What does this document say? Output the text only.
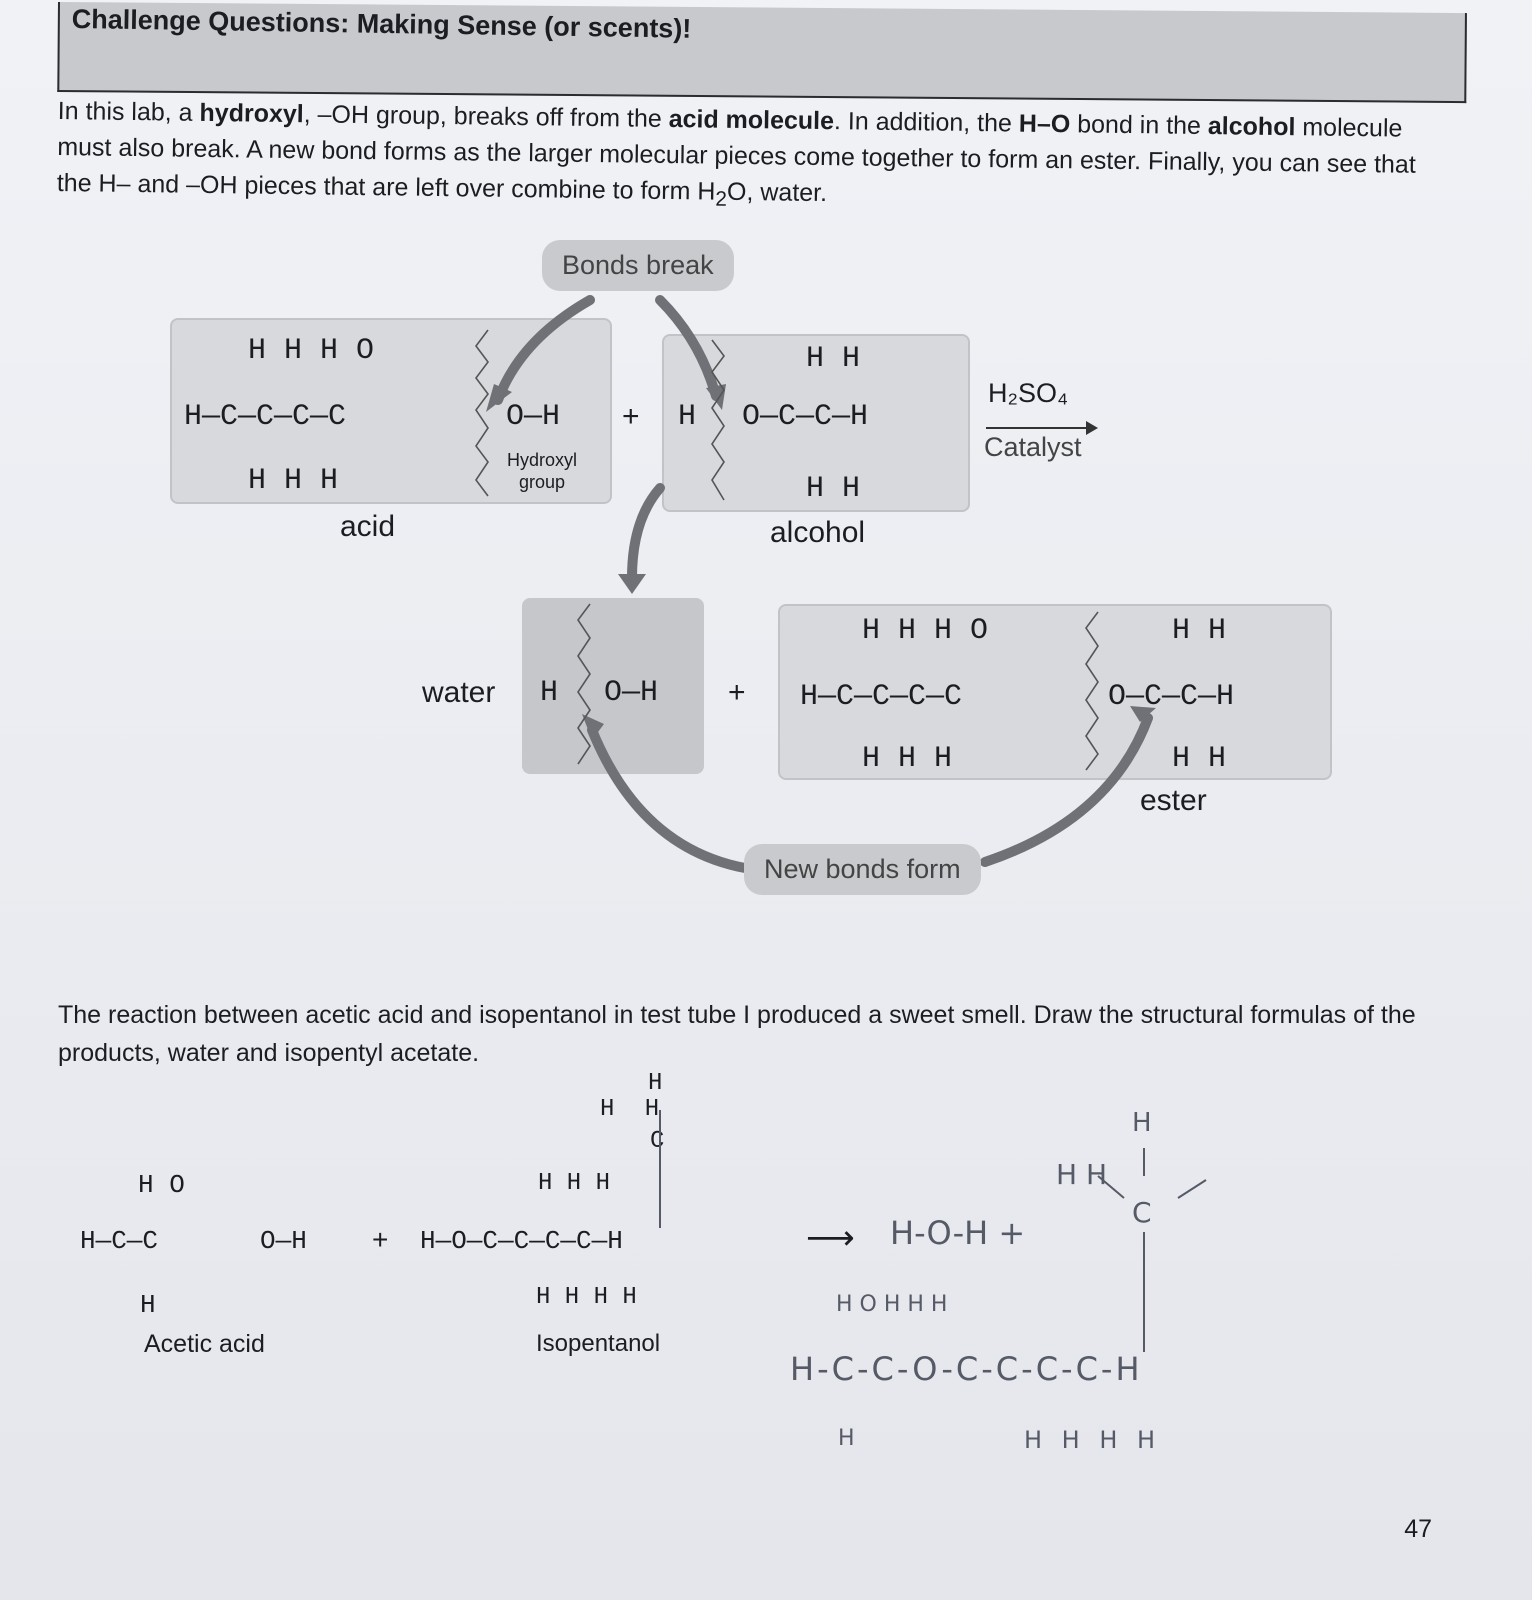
Challenge Questions: Making Sense (or scents)!
In this lab, a hydroxyl, –OH group, breaks off from the acid molecule. In addition, the H–O bond in the alcohol molecule must also break. A new bond forms as the larger molecular pieces come together to form an ester. Finally, you can see that the H– and –OH pieces that are left over combine to form $H_2O$, water.
Bonds break
New bonds form
H H H O
H—C—C—C—C	O—H
H H H
Hydroxyl group
acid
+ H O—C—C—H
H H
H H
alcohol
H₂SO₄
Catalyst
water H O—H +
H H H O
H—C—C—C—C	O—C—C—H
H H H
H H
H H
ester
The reaction between acetic acid and isopentanol in test tube I produced a sweet smell. Draw the structural formulas of the products, water and isopentyl acetate.
H O
H—C—C	O—H
H
Acetic acid
+
H
H H
C
H H H
H—O—C—C—C—C—H
H H H H
Isopentanol
⟶ H-O-H +
H
H H
C
H O H H H
H-C-C-O-C-C-C-C-H
H	H H H H
47
